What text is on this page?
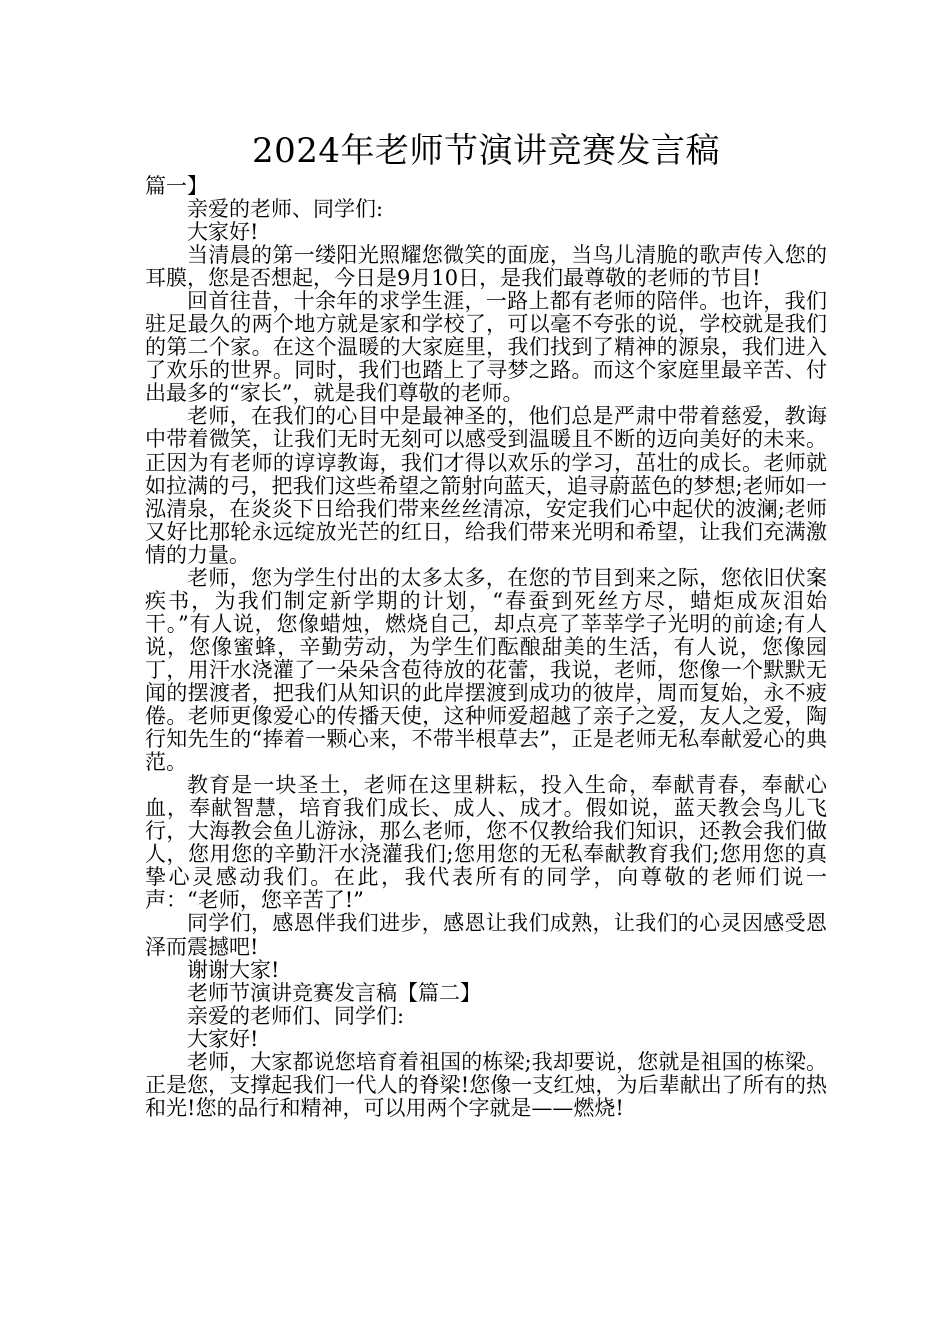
2024年老师节演讲竞赛发言稿

篇一】

亲爱的老师、同学们:

大家好!

当清晨的第一缕阳光照耀您微笑的面庞，当鸟儿清脆的歌声传入您的耳膜，您是否想起，今日是9月10日，是我们最尊敬的老师的节目!

回首往昔，十余年的求学生涯，一路上都有老师的陪伴。也许，我们驻足最久的两个地方就是家和学校了，可以毫不夸张的说，学校就是我们的第二个家。在这个温暖的大家庭里，我们找到了精神的源泉，我们进入了欢乐的世界。同时，我们也踏上了寻梦之路。而这个家庭里最辛苦、付出最多的“家长”，就是我们尊敬的老师。

老师，在我们的心目中是最神圣的，他们总是严肃中带着慈爱，教诲中带着微笑，让我们无时无刻可以感受到温暖且不断的迈向美好的未来。正因为有老师的谆谆教诲，我们才得以欢乐的学习，茁壮的成长。老师就如拉满的弓，把我们这些希望之箭射向蓝天，追寻蔚蓝色的梦想;老师如一泓清泉，在炎炎下日给我们带来丝丝清凉，安定我们心中起伏的波澜;老师又好比那轮永远绽放光芒的红日，给我们带来光明和希望，让我们充满激情的力量。

老师，您为学生付出的太多太多，在您的节目到来之际，您依旧伏案疾书，为我们制定新学期的计划，“春蚕到死丝方尽，蜡炬成灰泪始干。”有人说，您像蜡烛，燃烧自己，却点亮了莘莘学子光明的前途;有人说，您像蜜蜂，辛勤劳动，为学生们酝酿甜美的生活，有人说，您像园丁，用汗水浇灌了一朵朵含苞待放的花蕾，我说，老师，您像一个默默无闻的摆渡者，把我们从知识的此岸摆渡到成功的彼岸，周而复始，永不疲倦。老师更像爱心的传播天使，这种师爱超越了亲子之爱，友人之爱，陶行知先生的“捧着一颗心来，不带半根草去”，正是老师无私奉献爱心的典范。

教育是一块圣土，老师在这里耕耘，投入生命，奉献青春，奉献心血，奉献智慧，培育我们成长、成人、成才。假如说，蓝天教会鸟儿飞行，大海教会鱼儿游泳，那么老师，您不仅教给我们知识，还教会我们做人，您用您的辛勤汗水浇灌我们;您用您的无私奉献教育我们;您用您的真挚心灵感动我们。在此，我代表所有的同学，向尊敬的老师们说一声：“老师，您辛苦了!”

同学们，感恩伴我们进步，感恩让我们成熟，让我们的心灵因感受恩泽而震撼吧!

谢谢大家!

老师节演讲竞赛发言稿【篇二】

亲爱的老师们、同学们:

大家好!

老师，大家都说您培育着祖国的栋梁;我却要说，您就是祖国的栋梁。正是您，支撑起我们一代人的脊梁!您像一支红烛，为后辈献出了所有的热和光!您的品行和精神，可以用两个字就是——燃烧!
